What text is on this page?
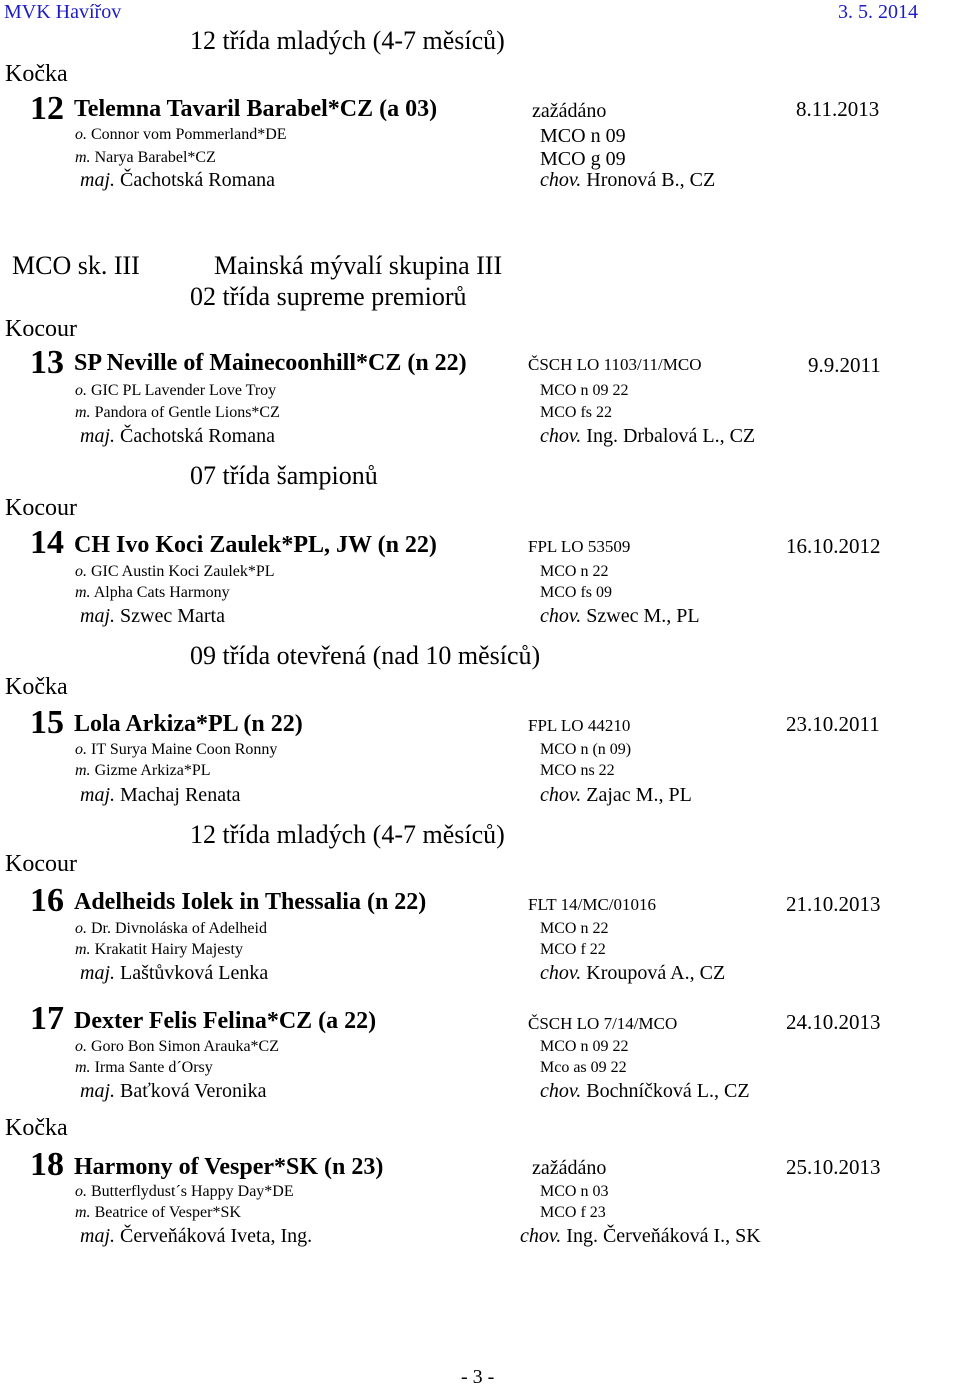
MVK Havířov	3. 5. 2014
12 třída mladých (4-7 měsíců)
Kočka
12 Telemna Tavaril Barabel*CZ (a 03)	zažádáno	8.11.2013
o. Connor vom Pommerland*DE	MCO n 09
m. Narya Barabel*CZ	MCO g 09
maj. Čachotská Romana	chov. Hronová B., CZ
MCO sk. III	Mainská mývalí skupina III
02 třída supreme premiorů
Kocour
13 SP Neville of Mainecoonhill*CZ (n 22)	ČSCH LO 1103/11/MCO	9.9.2011
o. GIC PL Lavender Love Troy	MCO n 09 22
m. Pandora of Gentle Lions*CZ	MCO fs 22
maj. Čachotská Romana	chov. Ing. Drbalová L., CZ
07 třída šampionů
Kocour
14 CH Ivo Koci Zaulek*PL, JW (n 22)	FPL LO 53509	16.10.2012
o. GIC Austin Koci Zaulek*PL	MCO n 22
m. Alpha Cats Harmony	MCO fs 09
maj. Szwec Marta	chov. Szwec M., PL
09 třída otevřená (nad 10 měsíců)
Kočka
15 Lola Arkiza*PL (n 22)	FPL LO 44210	23.10.2011
o. IT Surya Maine Coon Ronny	MCO n (n 09)
m. Gizme Arkiza*PL	MCO ns 22
maj. Machaj Renata	chov. Zajac M., PL
12 třída mladých (4-7 měsíců)
Kocour
16 Adelheids Iolek in Thessalia (n 22)	FLT 14/MC/01016	21.10.2013
o. Dr. Divnoláska of Adelheid	MCO n 22
m. Krakatit Hairy Majesty	MCO f 22
maj. Laštůvková Lenka	chov. Kroupová A., CZ
17 Dexter Felis Felina*CZ (a 22)	ČSCH LO 7/14/MCO	24.10.2013
o. Goro Bon Simon Arauka*CZ	MCO n 09 22
m. Irma Sante d´Orsy	Mco as 09 22
maj. Baťková Veronika	chov. Bochníčková L., CZ
Kočka
18 Harmony of Vesper*SK (n 23)	zažádáno	25.10.2013
o. Butterflydust´s Happy Day*DE	MCO n 03
m. Beatrice of Vesper*SK	MCO f 23
maj. Červeňáková Iveta, Ing.	chov. Ing. Červeňáková I., SK
- 3 -
